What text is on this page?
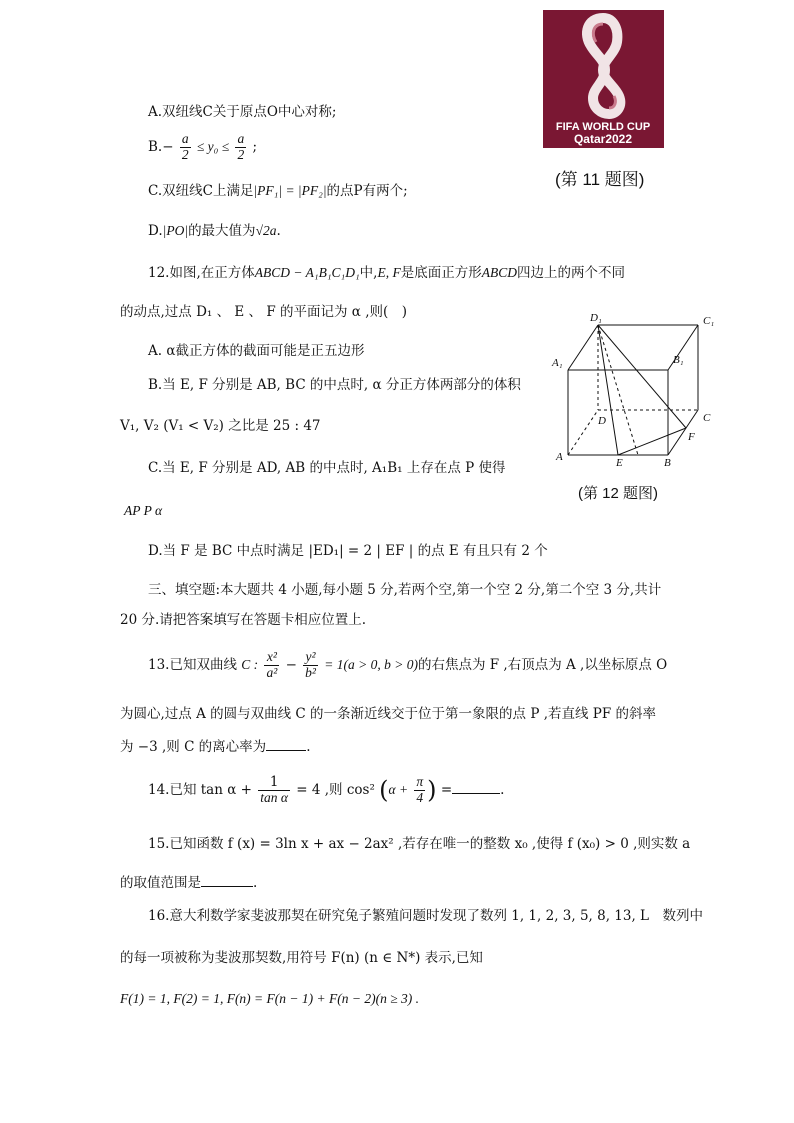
FIFA WORLD CUP
Qatar2022
(第 11 题图)
A.双纽线C关于原点O中心对称;
$B.- \frac{a}{2} \le y_0 \le \frac{a}{2}$ ;
C.双纽线C上满足|PF₁| = |PF₂|的点P有两个;
D.|PO|的最大值为√2a.
12.如图,在正方体ABCD − A₁B₁C₁D₁中,E, F是底面正方形ABCD四边上的两个不同
的动点,过点 D₁ 、 E 、 F 的平面记为 α ,则(　)
A. α截正方体的截面可能是正五边形
B.当 E, F 分别是 AB, BC 的中点时, α 分正方体两部分的体积
V₁, V₂ (V₁ < V₂) 之比是 25 : 47
C.当 E, F 分别是 AD, AB 的中点时, A₁B₁ 上存在点 P 使得
AP P α
D.当 F 是 BC 中点时满足 |ED₁| = 2 | EF | 的点 E 有且只有 2 个
D₁	C₁
A₁	B₁
D	C
F
A	E	B
(第 12 题图)
三、填空题:本大题共 4 小题,每小题 5 分,若两个空,第一个空 2 分,第二个空 3 分,共计
20 分.请把答案填写在答题卡相应位置上.
13.已知双曲线 C : $\frac{\text{x²}}{\text{a²}} - \frac{\text{y²}}{\text{b²}} = 1(a > 0$, b > 0)的右焦点为 F ,右顶点为 A ,以坐标原点 O
为圆心,过点 A 的圆与双曲线 C 的一条渐近线交于位于第一象限的点 P ,若直线 PF 的斜率
为 −3 ,则 C 的离心率为	.
14.已知 $\tan \alpha + \frac{1}{\text{tan α}} = 4$ ,则 cos² ($\alpha + \frac{\pi}{4}$ ) =	.
15.已知函数 f (x) = 3ln x + ax − 2ax² ,若存在唯一的整数 x₀ ,使得 f (x₀) > 0 ,则实数 a
的取值范围是	.
16.意大利数学家斐波那契在研究兔子繁殖问题时发现了数列 1, 1, 2, 3, 5, 8, 13, L　数列中
的每一项被称为斐波那契数,用符号 F(n) (n ∈ N*) 表示,已知
F(1) = 1, F(2) = 1, F(n) = F(n − 1) + F(n − 2)(n ≥ 3) .
